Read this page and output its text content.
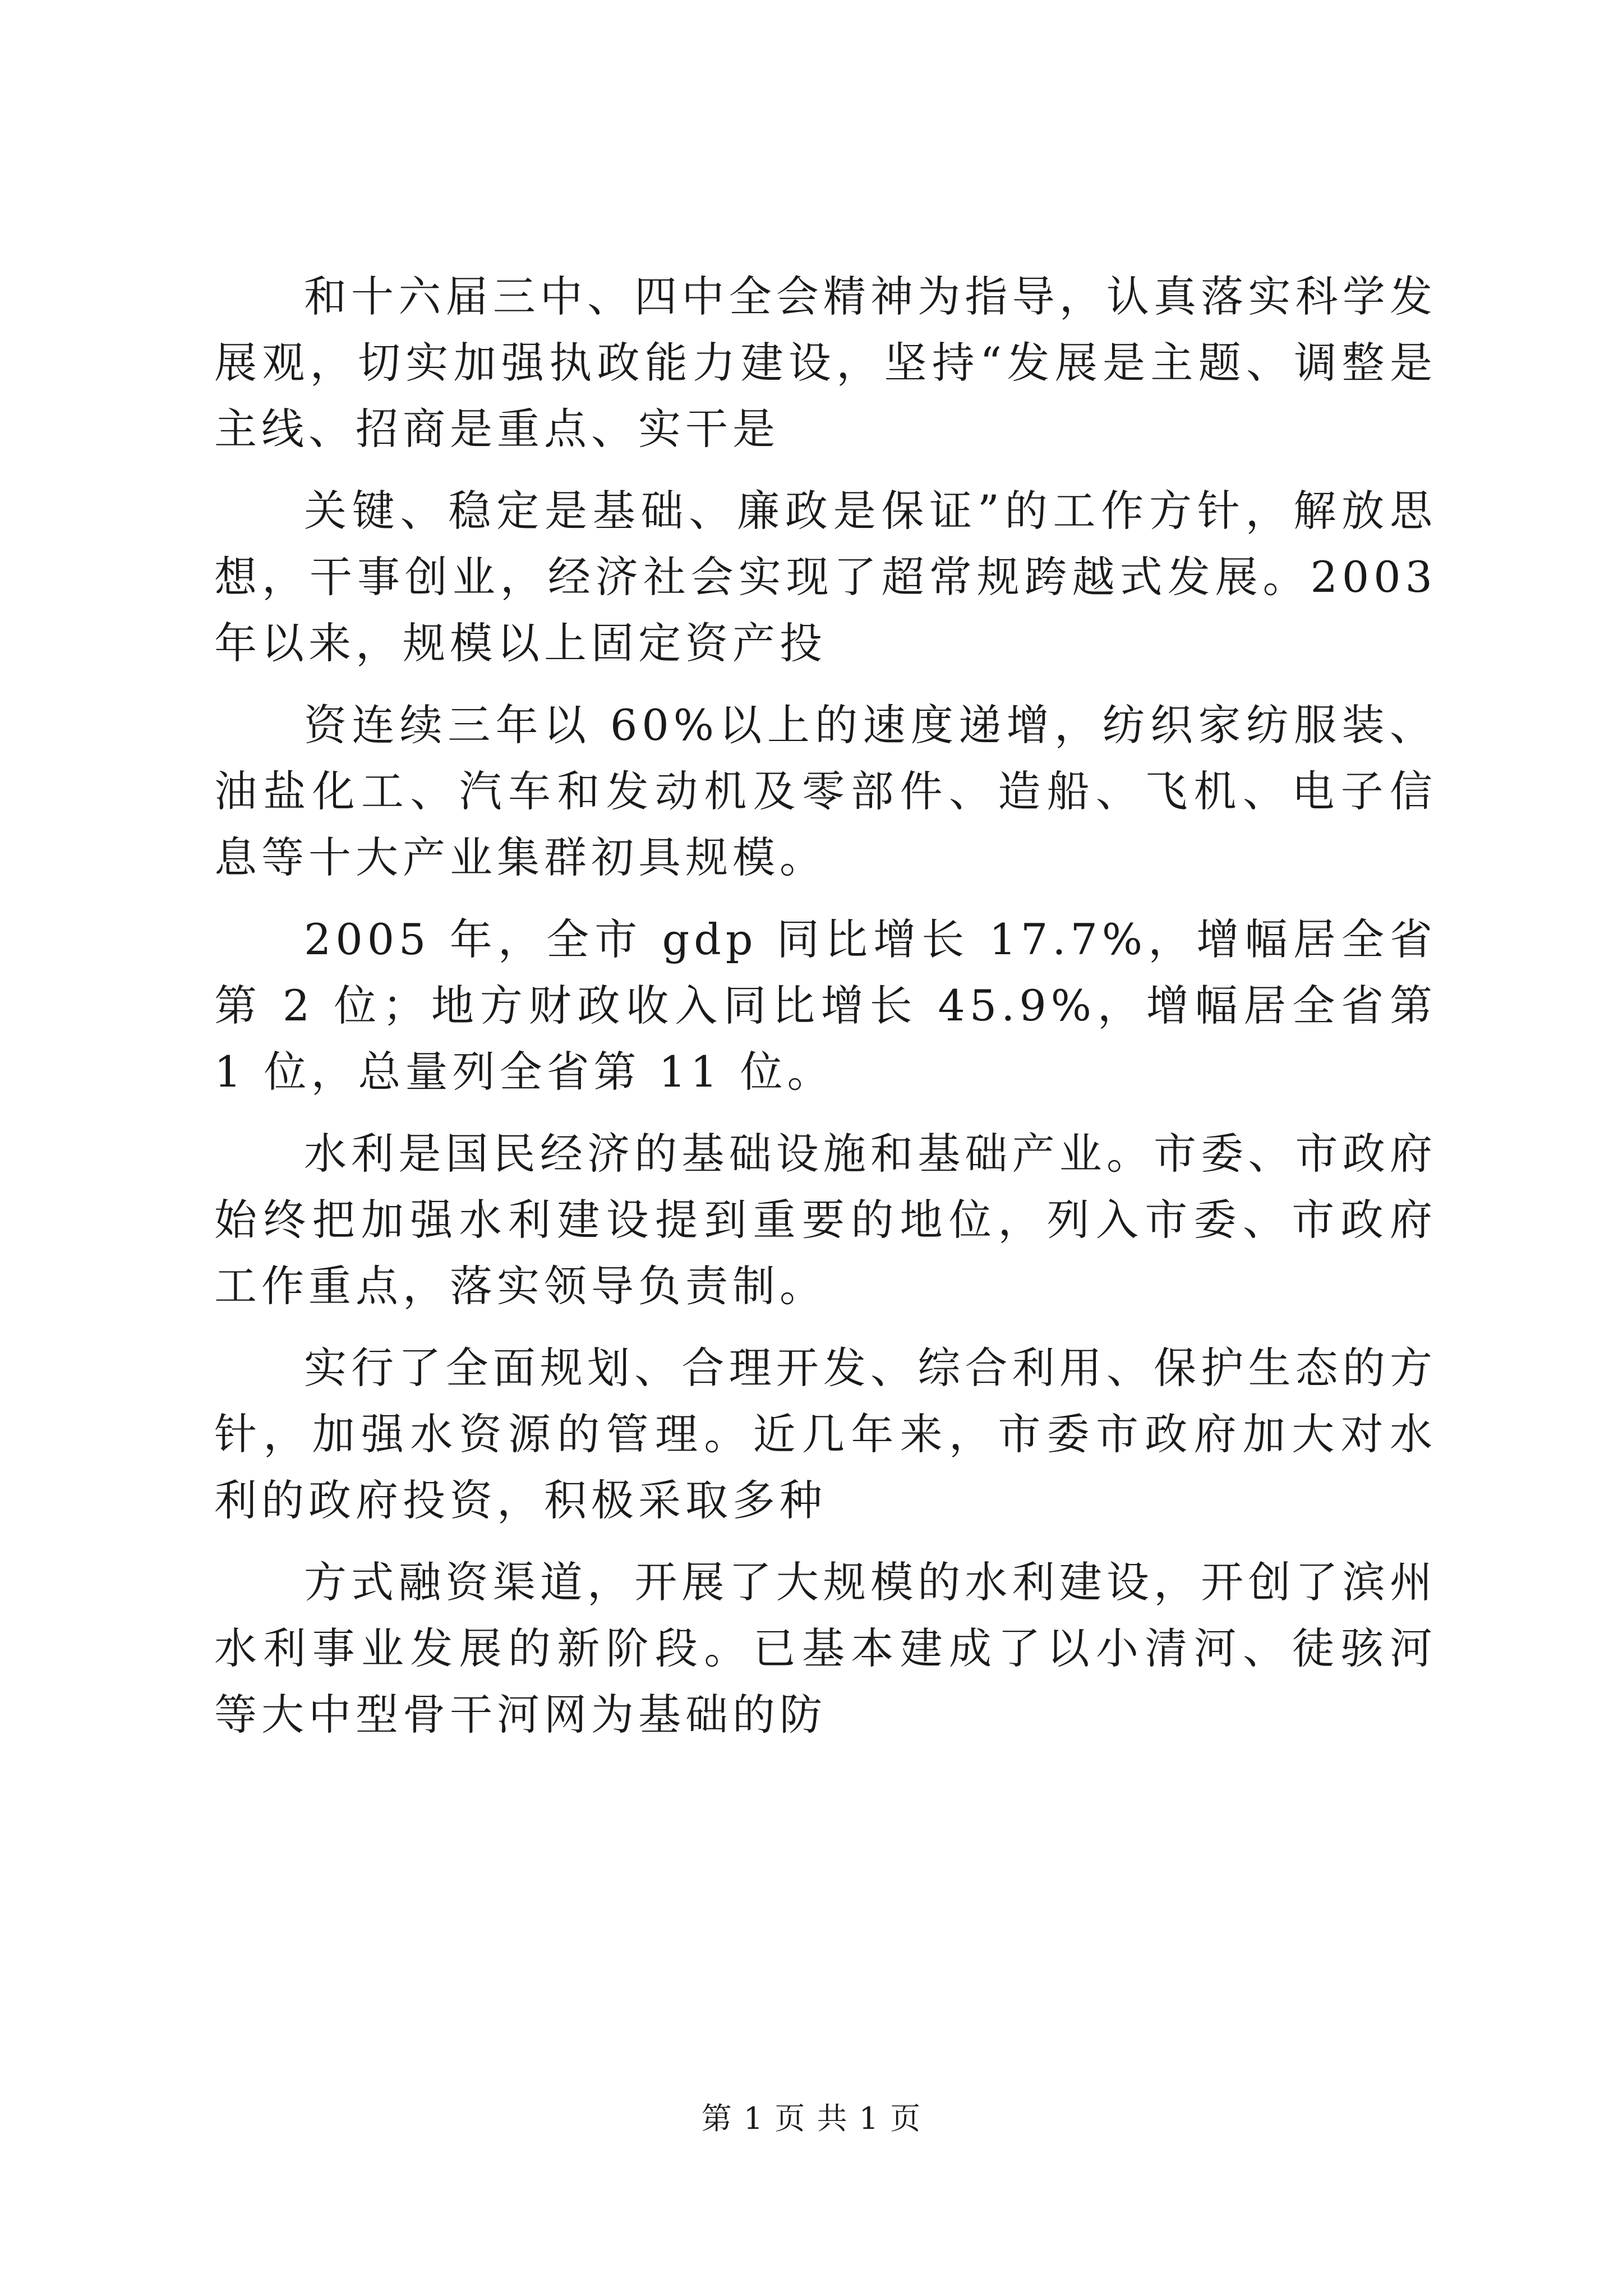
和十六届三中、四中全会精神为指导，认真落实科学发展观，切实加强执政能力建设，坚持“发展是主题、调整是主线、招商是重点、实干是

关键、稳定是基础、廉政是保证”的工作方针，解放思想，干事创业，经济社会实现了超常规跨越式发展。2003 年以来，规模以上固定资产投

资连续三年以 60%以上的速度递增，纺织家纺服装、油盐化工、汽车和发动机及零部件、造船、飞机、电子信息等十大产业集群初具规模。

2005 年，全市 gdp 同比增长 17.7%，增幅居全省第 2 位；地方财政收入同比增长 45.9%，增幅居全省第 1 位，总量列全省第 11 位。

水利是国民经济的基础设施和基础产业。市委、市政府始终把加强水利建设提到重要的地位，列入市委、市政府工作重点，落实领导负责制。

实行了全面规划、合理开发、综合利用、保护生态的方针，加强水资源的管理。近几年来，市委市政府加大对水利的政府投资，积极采取多种

方式融资渠道，开展了大规模的水利建设，开创了滨州水利事业发展的新阶段。已基本建成了以小清河、徒骇河等大中型骨干河网为基础的防

第 1 页 共 1 页
